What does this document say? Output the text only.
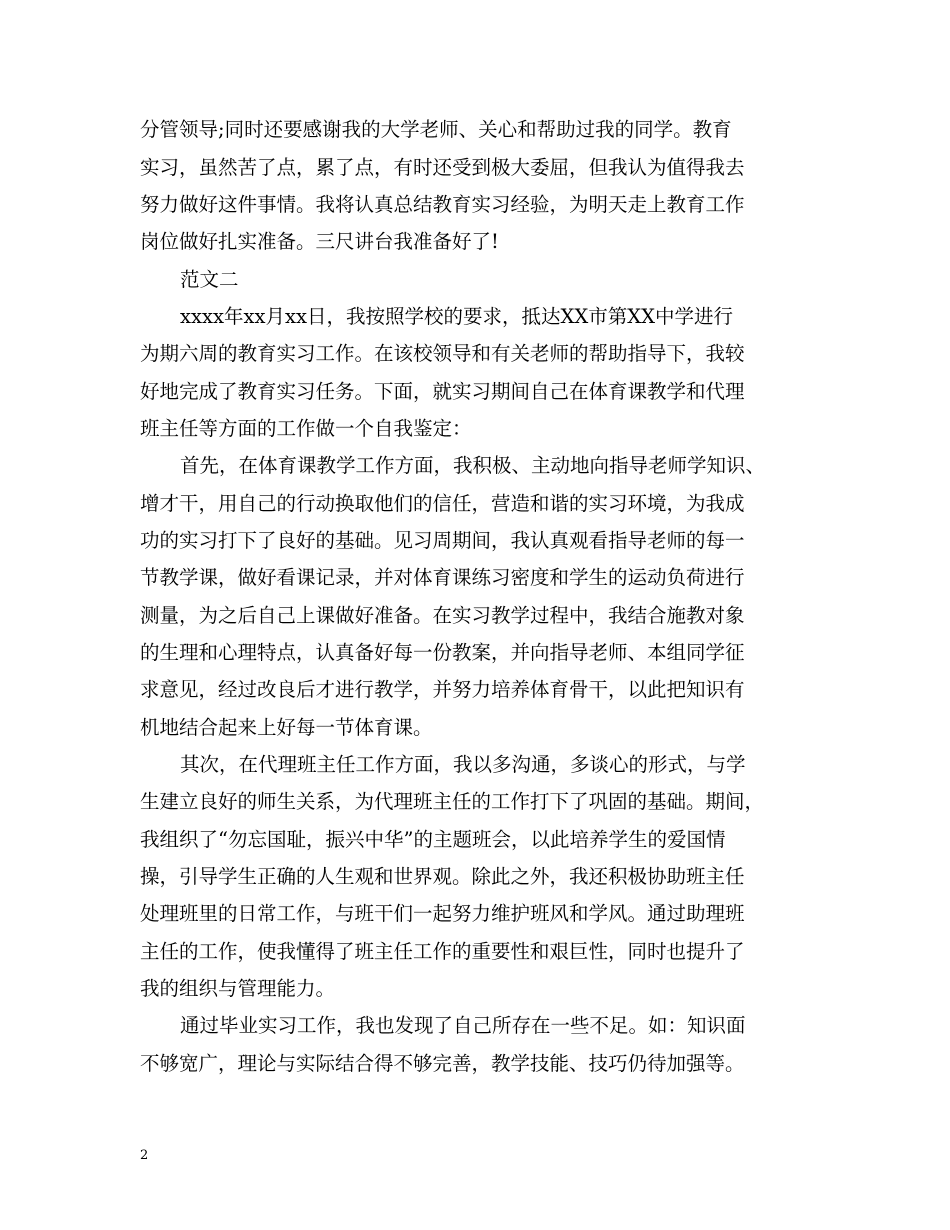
分管领导;同时还要感谢我的大学老师、关心和帮助过我的同学。教育
实习，虽然苦了点，累了点，有时还受到极大委屈，但我认为值得我去
努力做好这件事情。我将认真总结教育实习经验，为明天走上教育工作
岗位做好扎实准备。三尺讲台我准备好了!
范文二
xxxx年xx月xx日，我按照学校的要求，抵达XX市第XX中学进行
为期六周的教育实习工作。在该校领导和有关老师的帮助指导下，我较
好地完成了教育实习任务。下面，就实习期间自己在体育课教学和代理
班主任等方面的工作做一个自我鉴定：
首先，在体育课教学工作方面，我积极、主动地向指导老师学知识、
增才干，用自己的行动换取他们的信任，营造和谐的实习环境，为我成
功的实习打下了良好的基础。见习周期间，我认真观看指导老师的每一
节教学课，做好看课记录，并对体育课练习密度和学生的运动负荷进行
测量，为之后自己上课做好准备。在实习教学过程中，我结合施教对象
的生理和心理特点，认真备好每一份教案，并向指导老师、本组同学征
求意见，经过改良后才进行教学，并努力培养体育骨干，以此把知识有
机地结合起来上好每一节体育课。
其次，在代理班主任工作方面，我以多沟通，多谈心的形式，与学
生建立良好的师生关系，为代理班主任的工作打下了巩固的基础。期间，
我组织了“勿忘国耻，振兴中华”的主题班会，以此培养学生的爱国情
操，引导学生正确的人生观和世界观。除此之外，我还积极协助班主任
处理班里的日常工作，与班干们一起努力维护班风和学风。通过助理班
主任的工作，使我懂得了班主任工作的重要性和艰巨性，同时也提升了
我的组织与管理能力。
通过毕业实习工作，我也发现了自己所存在一些不足。如：知识面
不够宽广，理论与实际结合得不够完善，教学技能、技巧仍待加强等。
2
